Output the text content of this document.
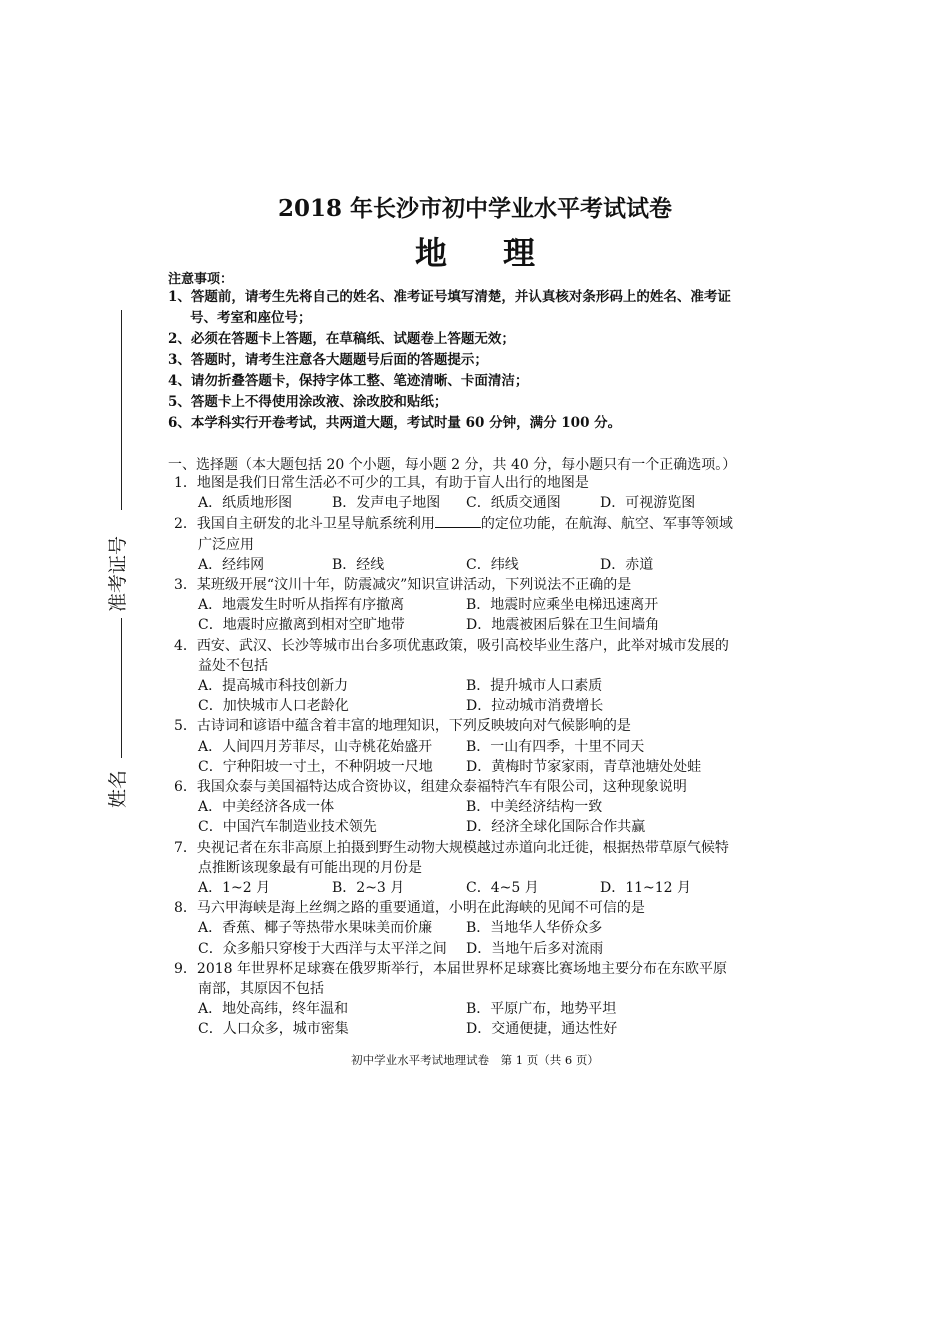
2018 年长沙市初中学业水平考试试卷
地理
注意事项：

1、答题前，请考生先将自己的姓名、准考证号填写清楚，并认真核对条形码上的姓名、准考证号、考室和座位号；

2、必须在答题卡上答题，在草稿纸、试题卷上答题无效；

3、答题时，请考生注意各大题题号后面的答题提示；

4、请勿折叠答题卡，保持字体工整、笔迹清晰、卡面清洁；

5、答题卡上不得使用涂改液、涂改胶和贴纸；

6、本学科实行开卷考试，共两道大题，考试时量 60 分钟，满分 100 分。

一、选择题（本大题包括 20 个小题，每小题 2 分，共 40 分，每小题只有一个正确选项。）
1．地图是我们日常生活必不可少的工具，有助于盲人出行的地图是
A．纸质地形图	B．发声电子地图	C．纸质交通图	D．可视游览图
2．我国自主研发的北斗卫星导航系统利用	的定位功能，在航海、航空、军事等领域广泛应用
A．经纬网	B．经线	C．纬线	D．赤道
3．某班级开展“汶川十年，防震减灾”知识宣讲活动，下列说法不正确的是
A．地震发生时听从指挥有序撤离	B．地震时应乘坐电梯迅速离开
C．地震时应撤离到相对空旷地带	D．地震被困后躲在卫生间墙角
4．西安、武汉、长沙等城市出台多项优惠政策，吸引高校毕业生落户，此举对城市发展的益处不包括
A．提高城市科技创新力	B．提升城市人口素质
C．加快城市人口老龄化	D．拉动城市消费增长
5．古诗词和谚语中蕴含着丰富的地理知识，下列反映坡向对气候影响的是
A．人间四月芳菲尽，山寺桃花始盛开	B．一山有四季，十里不同天
C．宁种阳坡一寸土，不种阴坡一尺地	D．黄梅时节家家雨，青草池塘处处蛙
6．我国众泰与美国福特达成合资协议，组建众泰福特汽车有限公司，这种现象说明
A．中美经济各成一体	B．中美经济结构一致
C．中国汽车制造业技术领先	D．经济全球化国际合作共赢
7．央视记者在东非高原上拍摄到野生动物大规模越过赤道向北迁徙，根据热带草原气候特点推断该现象最有可能出现的月份是
A．1~2 月	B．2~3 月	C．4~5 月	D．11~12 月
8．马六甲海峡是海上丝绸之路的重要通道，小明在此海峡的见闻不可信的是
A．香蕉、椰子等热带水果味美而价廉	B．当地华人华侨众多
C．众多船只穿梭于大西洋与太平洋之间	D．当地午后多对流雨
9．2018 年世界杯足球赛在俄罗斯举行，本届世界杯足球赛比赛场地主要分布在东欧平原南部，其原因不包括
A．地处高纬，终年温和	B．平原广布，地势平坦
C．人口众多，城市密集	D．交通便捷，通达性好
初中学业水平考试地理试卷　第 1 页（共 6 页）
准考证号
姓名
